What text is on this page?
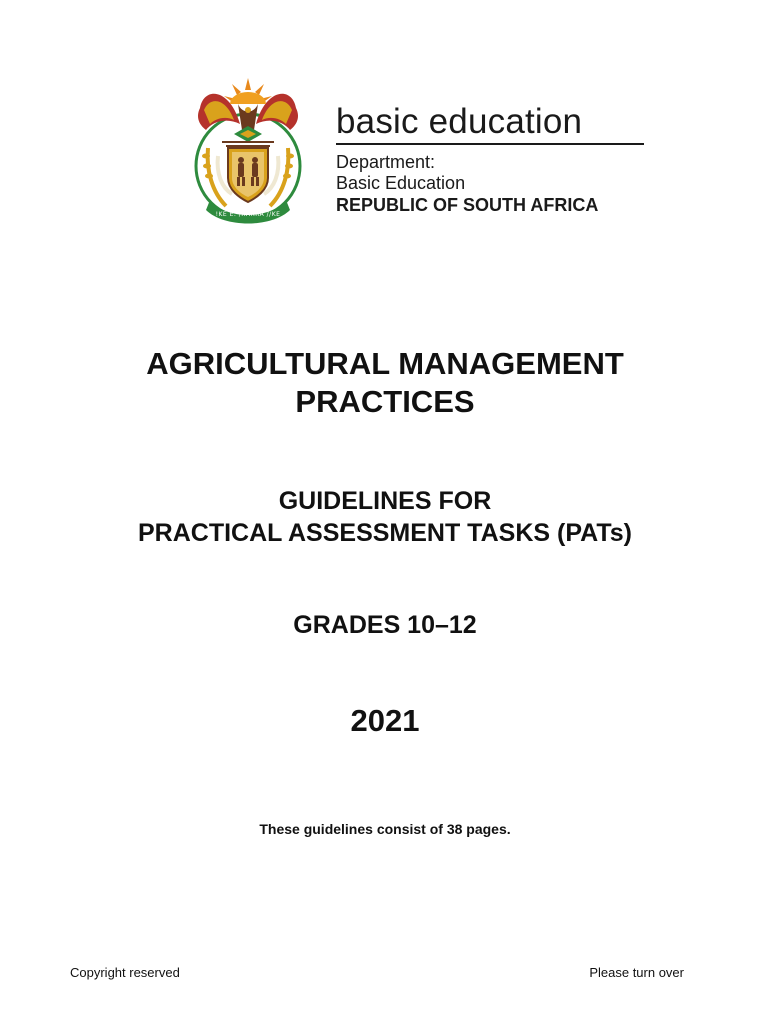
!KE E: /XARRA //KE
basic education
Department:
Basic Education
REPUBLIC OF SOUTH AFRICA
AGRICULTURAL MANAGEMENT
PRACTICES
GUIDELINES FOR
PRACTICAL ASSESSMENT TASKS (PATs)
GRADES 10–12
2021
These guidelines consist of 38 pages.
Copyright reserved	Please turn over
